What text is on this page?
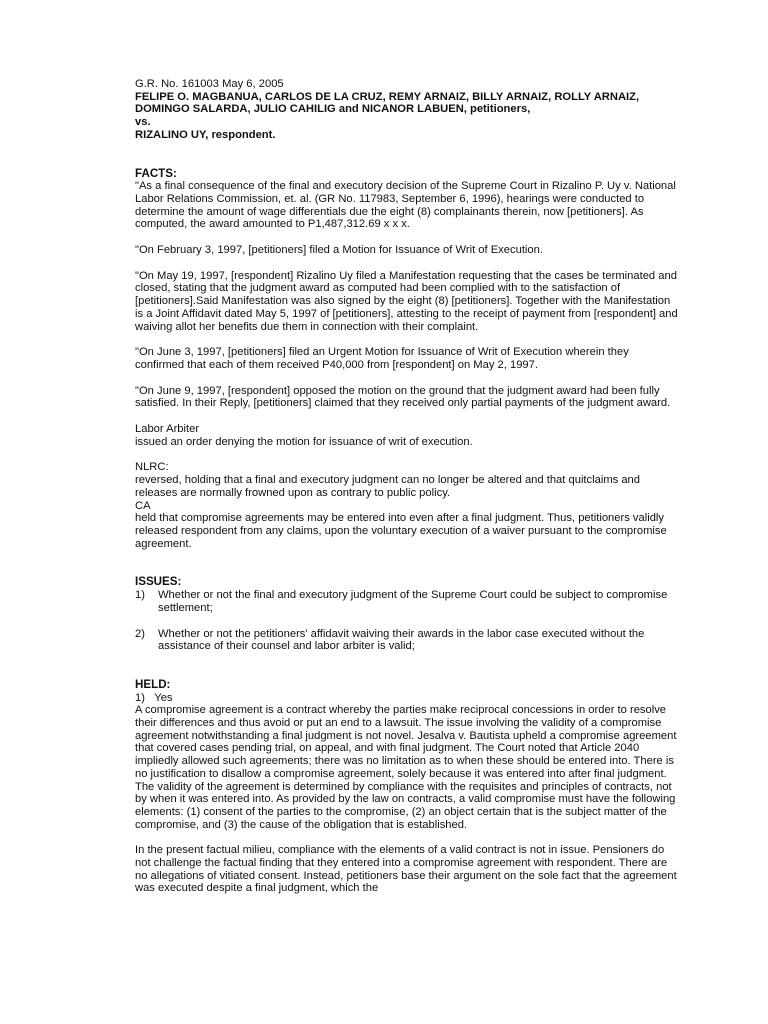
G.R. No. 161003 May 6, 2005

FELIPE O. MAGBANUA, CARLOS DE LA CRUZ, REMY ARNAIZ, BILLY ARNAIZ, ROLLY ARNAIZ, DOMINGO SALARDA, JULIO CAHILIG and NICANOR LABUEN, petitioners,

vs.

RIZALINO UY, respondent.

FACTS:

"As a final consequence of the final and executory decision of the Supreme Court in Rizalino P. Uy v. National Labor Relations Commission, et. al. (GR No. 117983, September 6, 1996), hearings were conducted to determine the amount of wage differentials due the eight (8) complainants therein, now [petitioners]. As computed, the award amounted to P1,487,312.69 x x x.

"On February 3, 1997, [petitioners] filed a Motion for Issuance of Writ of Execution.

"On May 19, 1997, [respondent] Rizalino Uy filed a Manifestation requesting that the cases be terminated and closed, stating that the judgment award as computed had been complied with to the satisfaction of [petitioners].Said Manifestation was also signed by the eight (8) [petitioners]. Together with the Manifestation is a Joint Affidavit dated May 5, 1997 of [petitioners], attesting to the receipt of payment from [respondent] and waiving allot her benefits due them in connection with their complaint.

"On June 3, 1997, [petitioners] filed an Urgent Motion for Issuance of Writ of Execution wherein they confirmed that each of them received P40,000 from [respondent] on May 2, 1997.

"On June 9, 1997, [respondent] opposed the motion on the ground that the judgment award had been fully satisfied. In their Reply, [petitioners] claimed that they received only partial payments of the judgment award.

Labor Arbiter

issued an order denying the motion for issuance of writ of execution.

NLRC:

reversed, holding that a final and executory judgment can no longer be altered and that quitclaims and releases are normally frowned upon as contrary to public policy.

CA

held that compromise agreements may be entered into even after a final judgment. Thus, petitioners validly released respondent from any claims, upon the voluntary execution of a waiver pursuant to the compromise agreement.

ISSUES:

1) Whether or not the final and executory judgment of the Supreme Court could be subject to compromise settlement;
2) Whether or not the petitioners' affidavit waiving their awards in the labor case executed without the assistance of their counsel and labor arbiter is valid;

HELD:

1) Yes

A compromise agreement is a contract whereby the parties make reciprocal concessions in order to resolve their differences and thus avoid or put an end to a lawsuit. The issue involving the validity of a compromise agreement notwithstanding a final judgment is not novel. Jesalva v. Bautista upheld a compromise agreement that covered cases pending trial, on appeal, and with final judgment. The Court noted that Article 2040 impliedly allowed such agreements; there was no limitation as to when these should be entered into. There is no justification to disallow a compromise agreement, solely because it was entered into after final judgment. The validity of the agreement is determined by compliance with the requisites and principles of contracts, not by when it was entered into. As provided by the law on contracts, a valid compromise must have the following elements: (1) consent of the parties to the compromise, (2) an object certain that is the subject matter of the compromise, and (3) the cause of the obligation that is established.

In the present factual milieu, compliance with the elements of a valid contract is not in issue. Pensioners do not challenge the factual finding that they entered into a compromise agreement with respondent. There are no allegations of vitiated consent. Instead, petitioners base their argument on the sole fact that the agreement was executed despite a final judgment, which the
